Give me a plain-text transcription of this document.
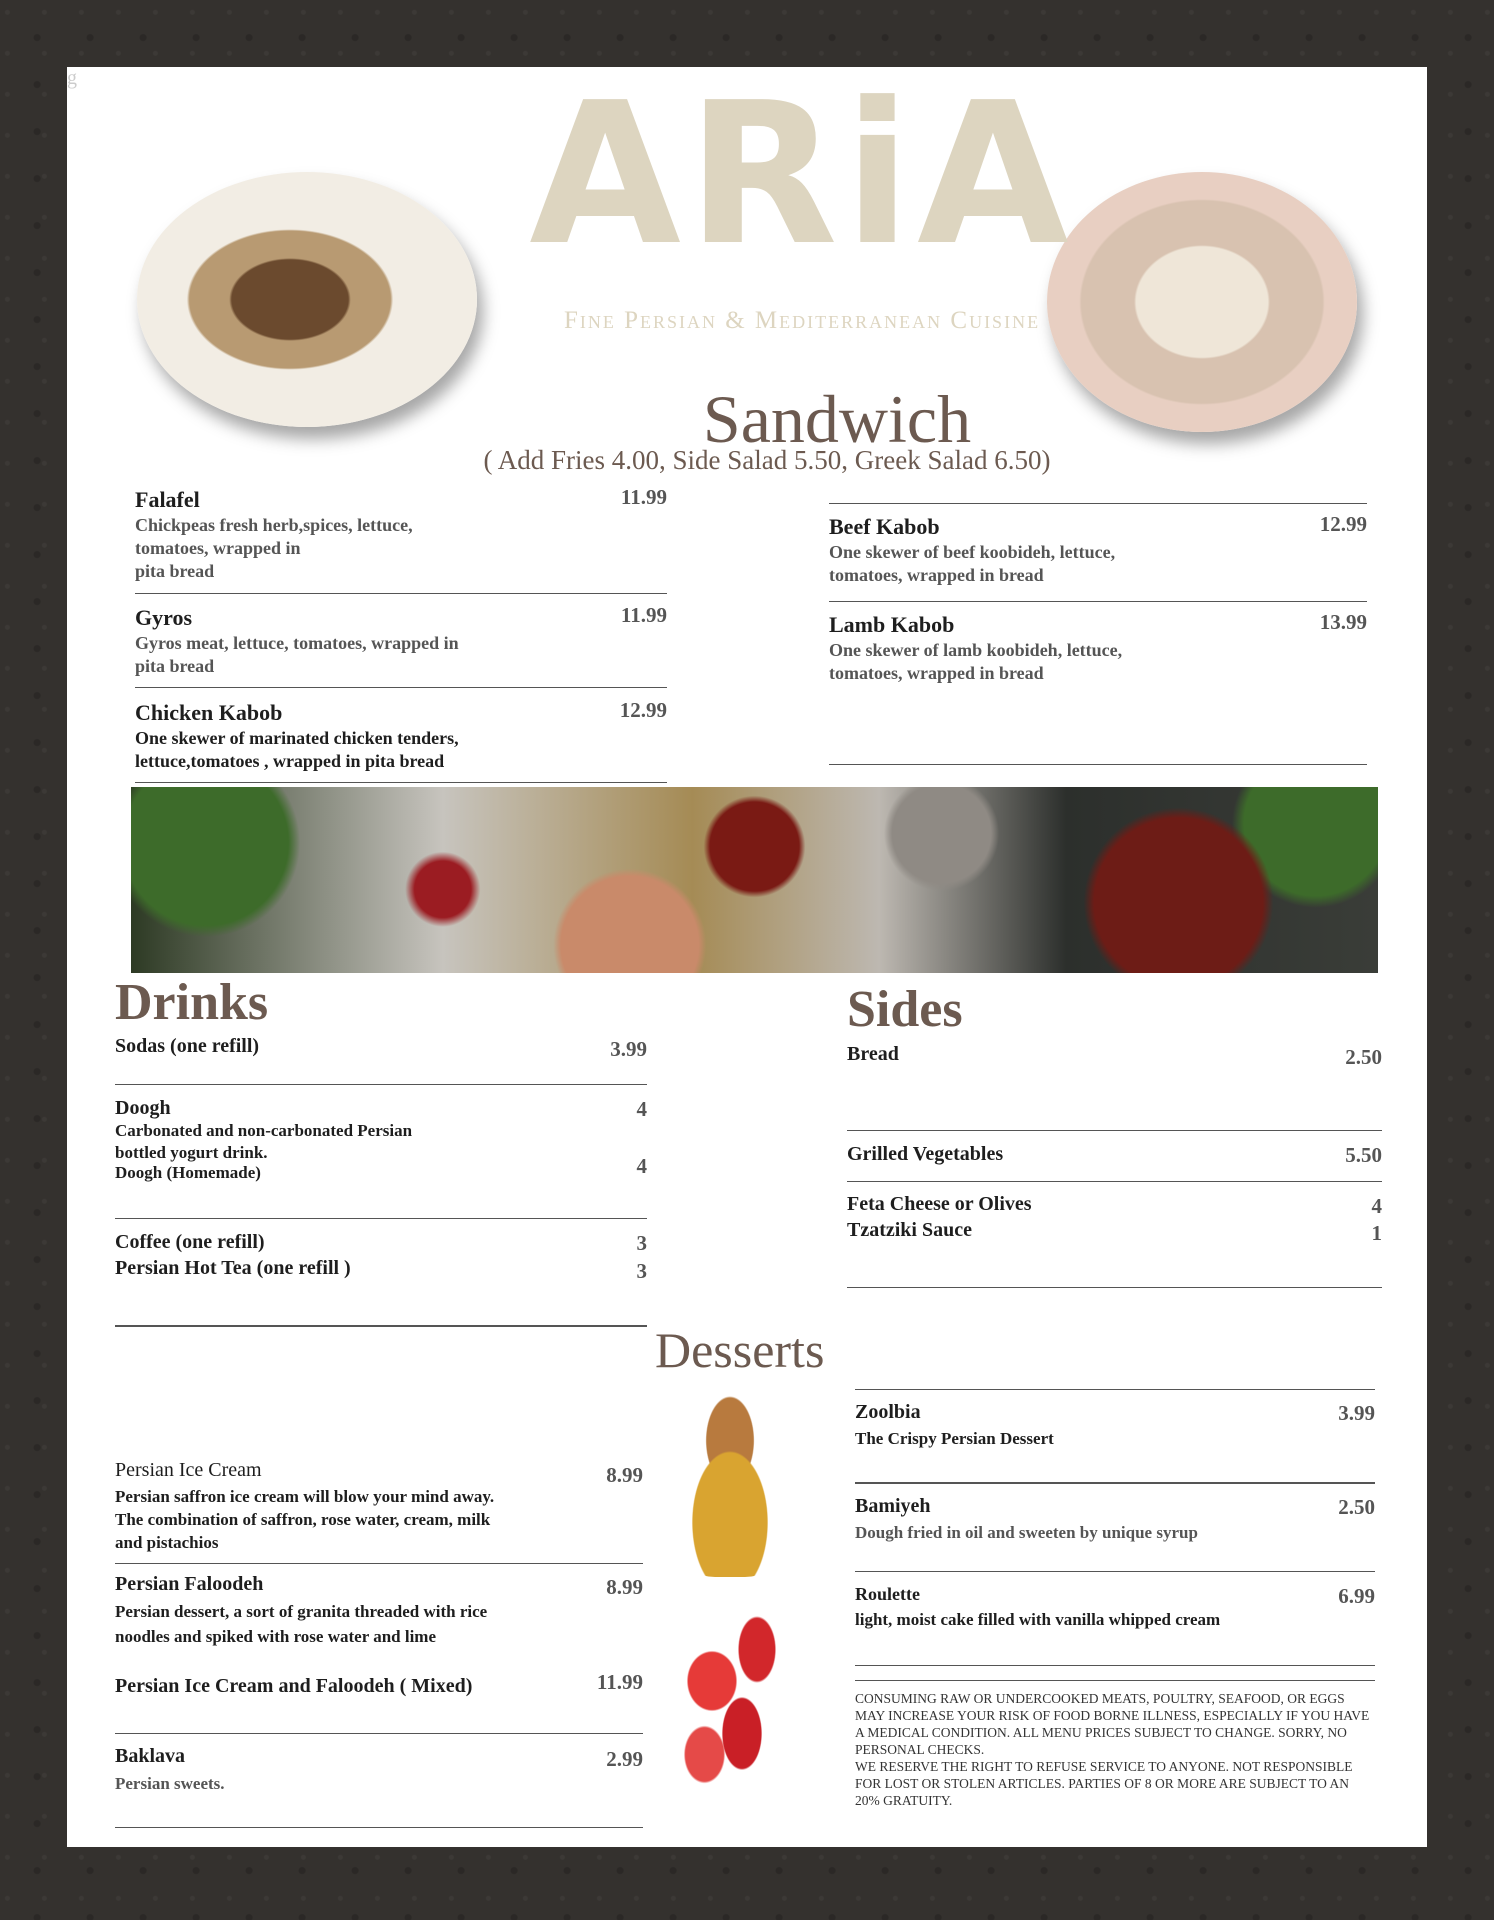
g ARiA
Fine Persian & Mediterranean Cuisine
Sandwich
( Add Fries 4.00, Side Salad 5.50, Greek Salad 6.50)
Falafel	11.99
Chickpeas fresh herb,spices, lettuce,
tomatoes, wrapped in
pita bread
Gyros	11.99
Gyros meat, lettuce, tomatoes, wrapped in
pita bread
Chicken Kabob	12.99
One skewer of marinated chicken tenders,
lettuce,tomatoes , wrapped in pita bread
Beef Kabob	12.99
One skewer of beef koobideh, lettuce,
tomatoes, wrapped in bread
Lamb Kabob	13.99
One skewer of lamb koobideh, lettuce,
tomatoes, wrapped in bread
Drinks
Sodas (one refill)	3.99
Doogh	4
Carbonated and non-carbonated Persian
bottled yogurt drink.
Doogh (Homemade)	4
Coffee (one refill)	3
Persian Hot Tea (one refill )	3
Sides
Bread	2.50
Grilled Vegetables	5.50
Feta Cheese or Olives	4
Tzatziki Sauce	1
Desserts
Persian Ice Cream	8.99
Persian saffron ice cream will blow your mind away.
The combination of saffron, rose water, cream, milk
and pistachios
Persian Faloodeh	8.99
Persian dessert, a sort of granita threaded with rice
noodles and spiked with rose water and lime
Persian Ice Cream and Faloodeh ( Mixed)	11.99
Baklava	2.99
Persian sweets.
Zoolbia	3.99
The Crispy Persian Dessert
Bamiyeh	2.50
Dough fried in oil and sweeten by unique syrup
Roulette	6.99
light, moist cake filled with vanilla whipped cream
CONSUMING RAW OR UNDERCOOKED MEATS, POULTRY, SEAFOOD, OR EGGS
MAY INCREASE YOUR RISK OF FOOD BORNE ILLNESS, ESPECIALLY IF YOU HAVE
A MEDICAL CONDITION. ALL MENU PRICES SUBJECT TO CHANGE. SORRY, NO
PERSONAL CHECKS.
WE RESERVE THE RIGHT TO REFUSE SERVICE TO ANYONE. NOT RESPONSIBLE
FOR LOST OR STOLEN ARTICLES. PARTIES OF 8 OR MORE ARE SUBJECT TO AN
20% GRATUITY.
